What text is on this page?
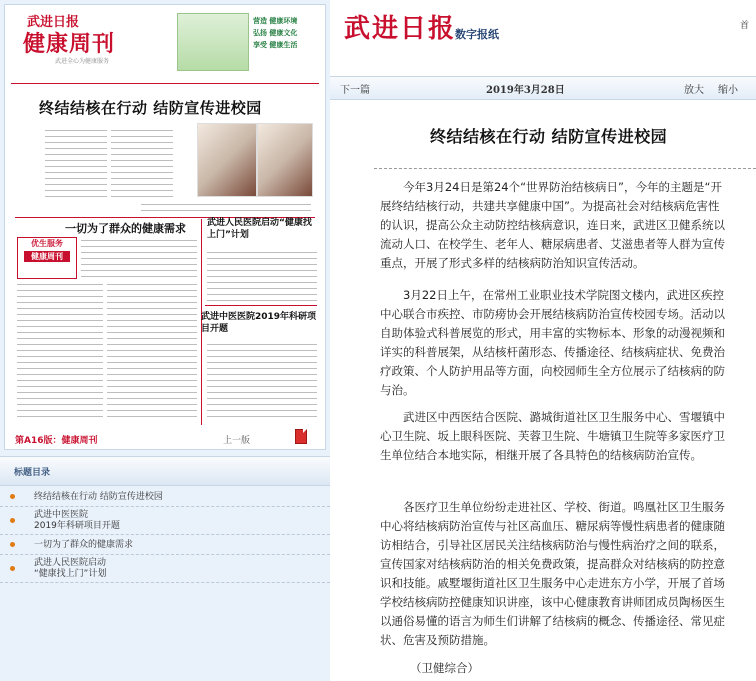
武进日报
健康周刊
武进全心为健康服务
营造 健康环境
弘扬 健康文化
享受 健康生活
终结结核在行动 结防宣传进校园
一切为了群众的健康需求 武进人民医院启动“健康找上门”计划
优生服务
健康周刊
武进中医医院2019年科研项目开题
第A16版：健康周刊	上一版
标题目录
终结结核在行动 结防宣传进校园
武进中医医院
2019年科研项目开题
一切为了群众的健康需求
武进人民医院启动
“健康找上门”计划
武进日报
数字报纸
首
下一篇	2019年3月28日	放大 缩小
终结结核在行动 结防宣传进校园

今年3月24日是第24个“世界防治结核病日”，今年的主题是“开展终结结核行动，共建共享健康中国”。为提高社会对结核病危害性的认识，提高公众主动防控结核病意识，连日来，武进区卫健系统以流动人口、在校学生、老年人、糖尿病患者、艾滋患者等人群为宣传重点，开展了形式多样的结核病防治知识宣传活动。

3月22日上午，在常州工业职业技术学院图文楼内，武进区疾控中心联合市疾控、市防痨协会开展结核病防治宣传校园专场。活动以自助体验式科普展览的形式，用丰富的实物标本、形象的动漫视频和详实的科普展架，从结核杆菌形态、传播途径、结核病症状、免费治疗政策、个人防护用品等方面，向校园师生全方位展示了结核病的防与治。

武进区中西医结合医院、潞城街道社区卫生服务中心、雪堰镇中心卫生院、坂上眼科医院、芙蓉卫生院、牛塘镇卫生院等多家医疗卫生单位结合本地实际，相继开展了各具特色的结核病防治宣传。

各医疗卫生单位纷纷走进社区、学校、街道。鸣凰社区卫生服务中心将结核病防治宣传与社区高血压、糖尿病等慢性病患者的健康随访相结合，引导社区居民关注结核病防治与慢性病治疗之间的联系，宣传国家对结核病防治的相关免费政策，提高群众对结核病的防控意识和技能。戚墅堰街道社区卫生服务中心走进东方小学，开展了首场学校结核病防控健康知识讲座，该中心健康教育讲师团成员陶杨医生以通俗易懂的语言为师生们讲解了结核病的概念、传播途径、常见症状、危害及预防措施。

（卫健综合）
